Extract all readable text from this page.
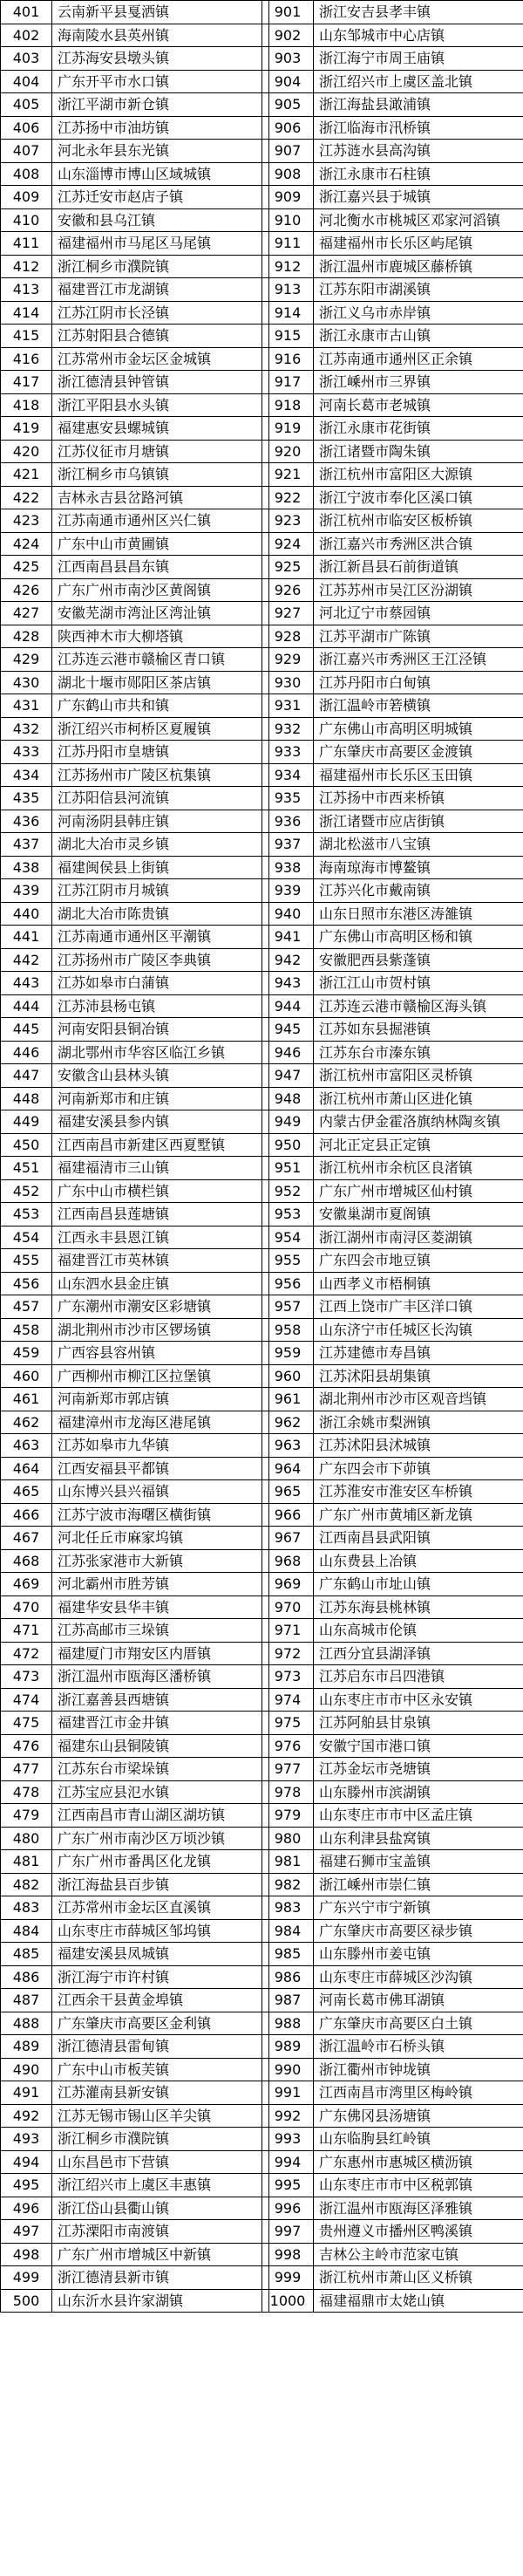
401	云南新平县戛洒镇
402	海南陵水县英州镇
403	江苏海安县墩头镇
404	广东开平市水口镇
405	浙江平湖市新仓镇
406	江苏扬中市油坊镇
407	河北永年县东光镇
408	山东淄博市博山区域城镇
409	江苏迁安市赵店子镇
410	安徽和县乌江镇
411	福建福州市马尾区马尾镇
412	浙江桐乡市濮院镇
413	福建晋江市龙湖镇
414	江苏江阴市长泾镇
415	江苏射阳县合德镇
416	江苏常州市金坛区金城镇
417	浙江德清县钟管镇
418	浙江平阳县水头镇
419	福建惠安县螺城镇
420	江苏仪征市月塘镇
421	浙江桐乡市乌镇镇
422	吉林永吉县岔路河镇
423	江苏南通市通州区兴仁镇
424	广东中山市黄圃镇
425	江西南昌县昌东镇
426	广东广州市南沙区黄阁镇
427	安徽芜湖市湾沚区湾沚镇
428	陕西神木市大柳塔镇
429	江苏连云港市赣榆区青口镇
430	湖北十堰市郧阳区茶店镇
431	广东鹤山市共和镇
432	浙江绍兴市柯桥区夏履镇
433	江苏丹阳市皇塘镇
434	江苏扬州市广陵区杭集镇
435	江苏阳信县河流镇
436	河南汤阴县韩庄镇
437	湖北大冶市灵乡镇
438	福建闽侯县上街镇
439	江苏江阴市月城镇
440	湖北大冶市陈贵镇
441	江苏南通市通州区平潮镇
442	江苏扬州市广陵区李典镇
443	江苏如皋市白蒲镇
444	江苏沛县杨屯镇
445	河南安阳县铜冶镇
446	湖北鄂州市华容区临江乡镇
447	安徽含山县林头镇
448	河南新郑市和庄镇
449	福建安溪县参内镇
450	江西南昌市新建区西夏墅镇
451	福建福清市三山镇
452	广东中山市横栏镇
453	江西南昌县莲塘镇
454	江西永丰县恩江镇
455	福建晋江市英林镇
456	山东泗水县金庄镇
457	广东潮州市潮安区彩塘镇
458	湖北荆州市沙市区锣场镇
459	广西容县容州镇
460	广西柳州市柳江区拉堡镇
461	河南新郑市郭店镇
462	福建漳州市龙海区港尾镇
463	江苏如皋市九华镇
464	江西安福县平都镇
465	山东博兴县兴福镇
466	江苏宁波市海曙区横街镇
467	河北任丘市麻家坞镇
468	江苏张家港市大新镇
469	河北霸州市胜芳镇
470	福建华安县华丰镇
471	江苏高邮市三垛镇
472	福建厦门市翔安区内厝镇
473	浙江温州市瓯海区潘桥镇
474	浙江嘉善县西塘镇
475	福建晋江市金井镇
476	福建东山县铜陵镇
477	江苏东台市梁垛镇
478	江苏宝应县氾水镇
479	江西南昌市青山湖区湖坊镇
480	广东广州市南沙区万顷沙镇
481	广东广州市番禺区化龙镇
482	浙江海盐县百步镇
483	江苏常州市金坛区直溪镇
484	山东枣庄市薛城区邹坞镇
485	福建安溪县凤城镇
486	浙江海宁市许村镇
487	江西余干县黄金埠镇
488	广东肇庆市高要区金利镇
489	浙江德清县雷甸镇
490	广东中山市板芙镇
491	江苏灌南县新安镇
492	江苏无锡市锡山区羊尖镇
493	浙江桐乡市濮院镇
494	山东昌邑市下营镇
495	浙江绍兴市上虞区丰惠镇
496	浙江岱山县衢山镇
497	江苏溧阳市南渡镇
498	广东广州市增城区中新镇
499	浙江德清县新市镇
500	山东沂水县许家湖镇
901	浙江安吉县孝丰镇
902	山东邹城市中心店镇
903	浙江海宁市周王庙镇
904	浙江绍兴市上虞区盖北镇
905	浙江海盐县澉浦镇
906	浙江临海市汛桥镇
907	江苏涟水县高沟镇
908	浙江永康市石柱镇
909	浙江嘉兴县于城镇
910	河北衡水市桃城区邓家河滔镇
911	福建福州市长乐区屿尾镇
912	浙江温州市鹿城区藤桥镇
913	江苏东阳市湖溪镇
914	浙江义乌市赤岸镇
915	浙江永康市古山镇
916	江苏南通市通州区正余镇
917	浙江嵊州市三界镇
918	河南长葛市老城镇
919	浙江永康市花街镇
920	浙江诸暨市陶朱镇
921	浙江杭州市富阳区大源镇
922	浙江宁波市奉化区溪口镇
923	浙江杭州市临安区板桥镇
924	浙江嘉兴市秀洲区洪合镇
925	浙江新昌县石前街道镇
926	江苏苏州市吴江区汾湖镇
927	河北辽宁市蔡园镇
928	江苏平湖市广陈镇
929	浙江嘉兴市秀洲区王江泾镇
930	江苏丹阳市白甸镇
931	浙江温岭市箬横镇
932	广东佛山市高明区明城镇
933	广东肇庆市高要区金渡镇
934	福建福州市长乐区玉田镇
935	江苏扬中市西来桥镇
936	浙江诸暨市应店街镇
937	湖北松滋市八宝镇
938	海南琼海市博鳌镇
939	江苏兴化市戴南镇
940	山东日照市东港区涛雒镇
941	广东佛山市高明区杨和镇
942	安徽肥西县紫蓬镇
943	浙江江山市贺村镇
944	江苏连云港市赣榆区海头镇
945	江苏如东县掘港镇
946	江苏东台市溱东镇
947	浙江杭州市富阳区灵桥镇
948	浙江杭州市萧山区进化镇
949	内蒙古伊金霍洛旗纳林陶亥镇
950	河北正定县正定镇
951	浙江杭州市余杭区良渚镇
952	广东广州市增城区仙村镇
953	安徽巢湖市夏阁镇
954	浙江湖州市南浔区菱湖镇
955	广东四会市地豆镇
956	山西孝义市梧桐镇
957	江西上饶市广丰区洋口镇
958	山东济宁市任城区长沟镇
959	江苏建德市寿昌镇
960	江苏沭阳县胡集镇
961	湖北荆州市沙市区观音垱镇
962	浙江余姚市梨洲镇
963	江苏沭阳县沭城镇
964	广东四会市下茆镇
965	江苏淮安市淮安区车桥镇
966	广东广州市黄埔区新龙镇
967	江西南昌县武阳镇
968	山东费县上冶镇
969	广东鹤山市址山镇
970	江苏东海县桃林镇
971	山东高城市伦镇
972	江西分宜县湖泽镇
973	江苏启东市吕四港镇
974	山东枣庄市市中区永安镇
975	江苏阿舶县甘泉镇
976	安徽宁国市港口镇
977	江苏金坛市尧塘镇
978	山东滕州市滨湖镇
979	山东枣庄市市中区孟庄镇
980	山东利津县盐窝镇
981	福建石狮市宝盖镇
982	浙江嵊州市崇仁镇
983	广东兴宁市宁新镇
984	广东肇庆市高要区禄步镇
985	山东滕州市姜屯镇
986	山东枣庄市薛城区沙沟镇
987	河南长葛市佛耳湖镇
988	广东肇庆市高要区白土镇
989	浙江温岭市石桥头镇
990	浙江衢州市钟垅镇
991	江西南昌市湾里区梅岭镇
992	广东佛冈县汤塘镇
993	山东临朐县红岭镇
994	广东惠州市惠城区横沥镇
995	山东枣庄市市中区税郭镇
996	浙江温州市瓯海区泽雅镇
997	贵州遵义市播州区鸭溪镇
998	吉林公主岭市范家屯镇
999	浙江杭州市萧山区义桥镇
1000	福建福鼎市太姥山镇
